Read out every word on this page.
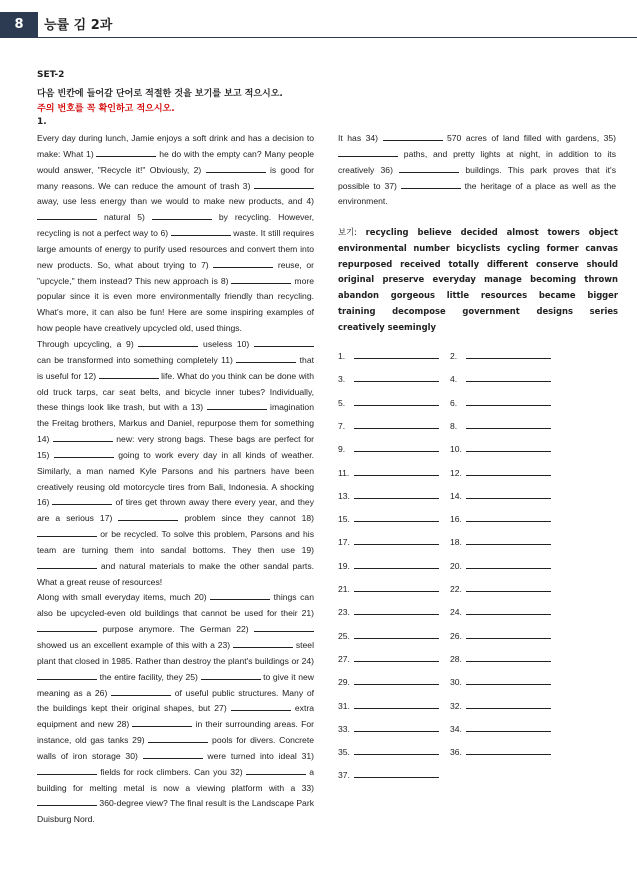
8	능률 김 2과
SET-2
다음 빈칸에 들어갈 단어로 적절한 것을 보기를 보고 적으시오.
주의 번호를 꼭 확인하고 적으시오.
1.

Every day during lunch, Jamie enjoys a soft drink and has a decision to make: What 1)	he do with the empty can? Many people would answer, "Recycle it!" Obviously, 2)	is good for many reasons. We can reduce the amount of trash 3)  away, use less energy than we would to make new products, and 4)  natural 5)	by recycling. However, recycling is not a perfect way to 6)	waste. It still requires large amounts of energy to purify used resources and convert them into new products. So, what about trying to 7)	reuse, or "upcycle," them instead? This new approach is 8)	more popular since it is even more environmentally friendly than recycling. What's more, it can also be fun! Here are some inspiring examples of how people have creatively upcycled old, used things.

Through upcycling, a 9)	useless 10)  can be transformed into something completely 11)	that is useful for 12)	life. What do you think can be done with old truck tarps, car seat belts, and bicycle inner tubes? Individually, these things look like trash, but with a 13)	imagination the Freitag brothers, Markus and Daniel, repurpose them for something 14)	new: very strong bags. These bags are perfect for 15)	going to work every day in all kinds of weather. Similarly, a man named Kyle Parsons and his partners have been creatively reusing old motorcycle tires from Bali, Indonesia. A shocking 16)	of tires get thrown away there every year, and they are a serious 17)	problem since they cannot 18)  or be recycled. To solve this problem, Parsons and his team are turning them into sandal bottoms. They then use 19)  and natural materials to make the other sandal parts. What a great reuse of resources!

Along with small everyday items, much 20)	things can also be upcycled-even old buildings that cannot be used for their 21)  purpose anymore. The German 22)  showed us an excellent example of this with a 23)	steel plant that closed in 1985. Rather than destroy the plant's buildings or 24)  the entire facility, they 25)	to give it new meaning as a 26)	of useful public structures. Many of the buildings kept their original shapes, but 27)	extra equipment and new 28)	in their surrounding areas. For instance, old gas tanks 29)	pools for divers. Concrete walls of iron storage 30)	were turned into ideal 31)  fields for rock climbers. Can you 32)	a building for melting metal is now a viewing platform with a 33)  360-degree view? The final result is the Landscape Park Duisburg Nord.

It has 34)	570 acres of land filled with gardens, 35)  paths, and pretty lights at night, in addition to its creatively 36)	buildings. This park proves that it's possible to 37)	the heritage of a place as well as the environment.

보기: recycling believe decided almost towers object
environmental number bicyclists cycling former canvas
repurposed received totally different conserve should
original preserve everyday manage becoming thrown
abandon gorgeous little resources became bigger
training decompose government designs series
creatively seemingly
1.	2.
3.	4.
5.	6.
7.	8.
9.	10.
11.	12.
13.	14.
15.	16.
17.	18.
19.	20.
21.	22.
23.	24.
25.	26.
27.	28.
29.	30.
31.	32.
33.	34.
35.	36.
37.
